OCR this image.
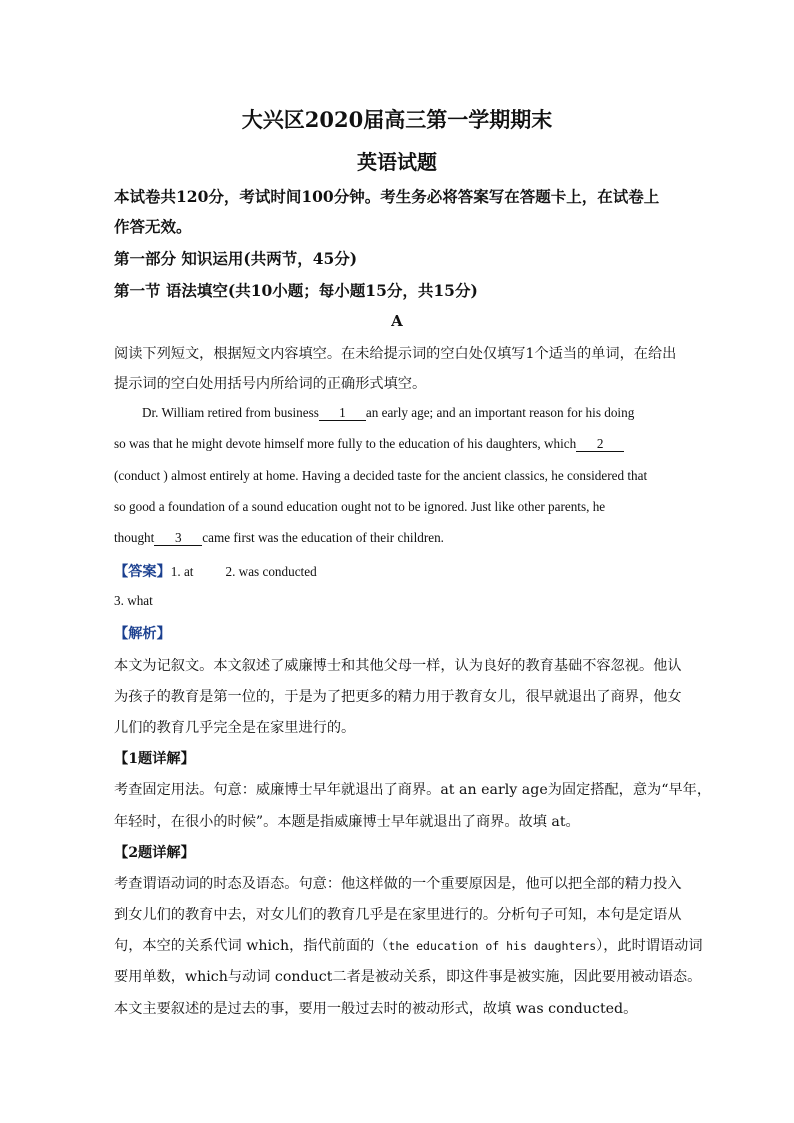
大兴区2020届高三第一学期期末
英语试题
本试卷共120分，考试时间100分钟。考生务必将答案写在答题卡上，在试卷上
作答无效。
第一部分 知识运用(共两节，45分)
第一节 语法填空(共10小题；每小题15分，共15分)
A
阅读下列短文，根据短文内容填空。在未给提示词的空白处仅填写1个适当的单词，在给出
提示词的空白处用括号内所给词的正确形式填空。
Dr. William retired from business 1 an early age; and an important reason for his doing
so was that he might devote himself more fully to the education of his daughters, which 2
(conduct ) almost entirely at home. Having a decided taste for the ancient classics, he considered that
so good a foundation of a sound education ought not to be ignored. Just like other parents, he
thought 3 came first was the education of their children.
【答案】1. at 2. was conducted
3. what
【解析】
本文为记叙文。本文叙述了威廉博士和其他父母一样，认为良好的教育基础不容忽视。他认
为孩子的教育是第一位的，于是为了把更多的精力用于教育女儿，很早就退出了商界，他女
儿们的教育几乎完全是在家里进行的。
【1题详解】
考查固定用法。句意：威廉博士早年就退出了商界。at an early age为固定搭配，意为“早年，
年轻时，在很小的时候”。本题是指威廉博士早年就退出了商界。故填 at。
【2题详解】
考查谓语动词的时态及语态。句意：他这样做的一个重要原因是，他可以把全部的精力投入
到女儿们的教育中去，对女儿们的教育几乎是在家里进行的。分析句子可知，本句是定语从
句，本空的关系代词 which，指代前面的（the education of his daughters），此时谓语动词
要用单数，which与动词 conduct二者是被动关系，即这件事是被实施，因此要用被动语态。
本文主要叙述的是过去的事，要用一般过去时的被动形式，故填 was conducted。
